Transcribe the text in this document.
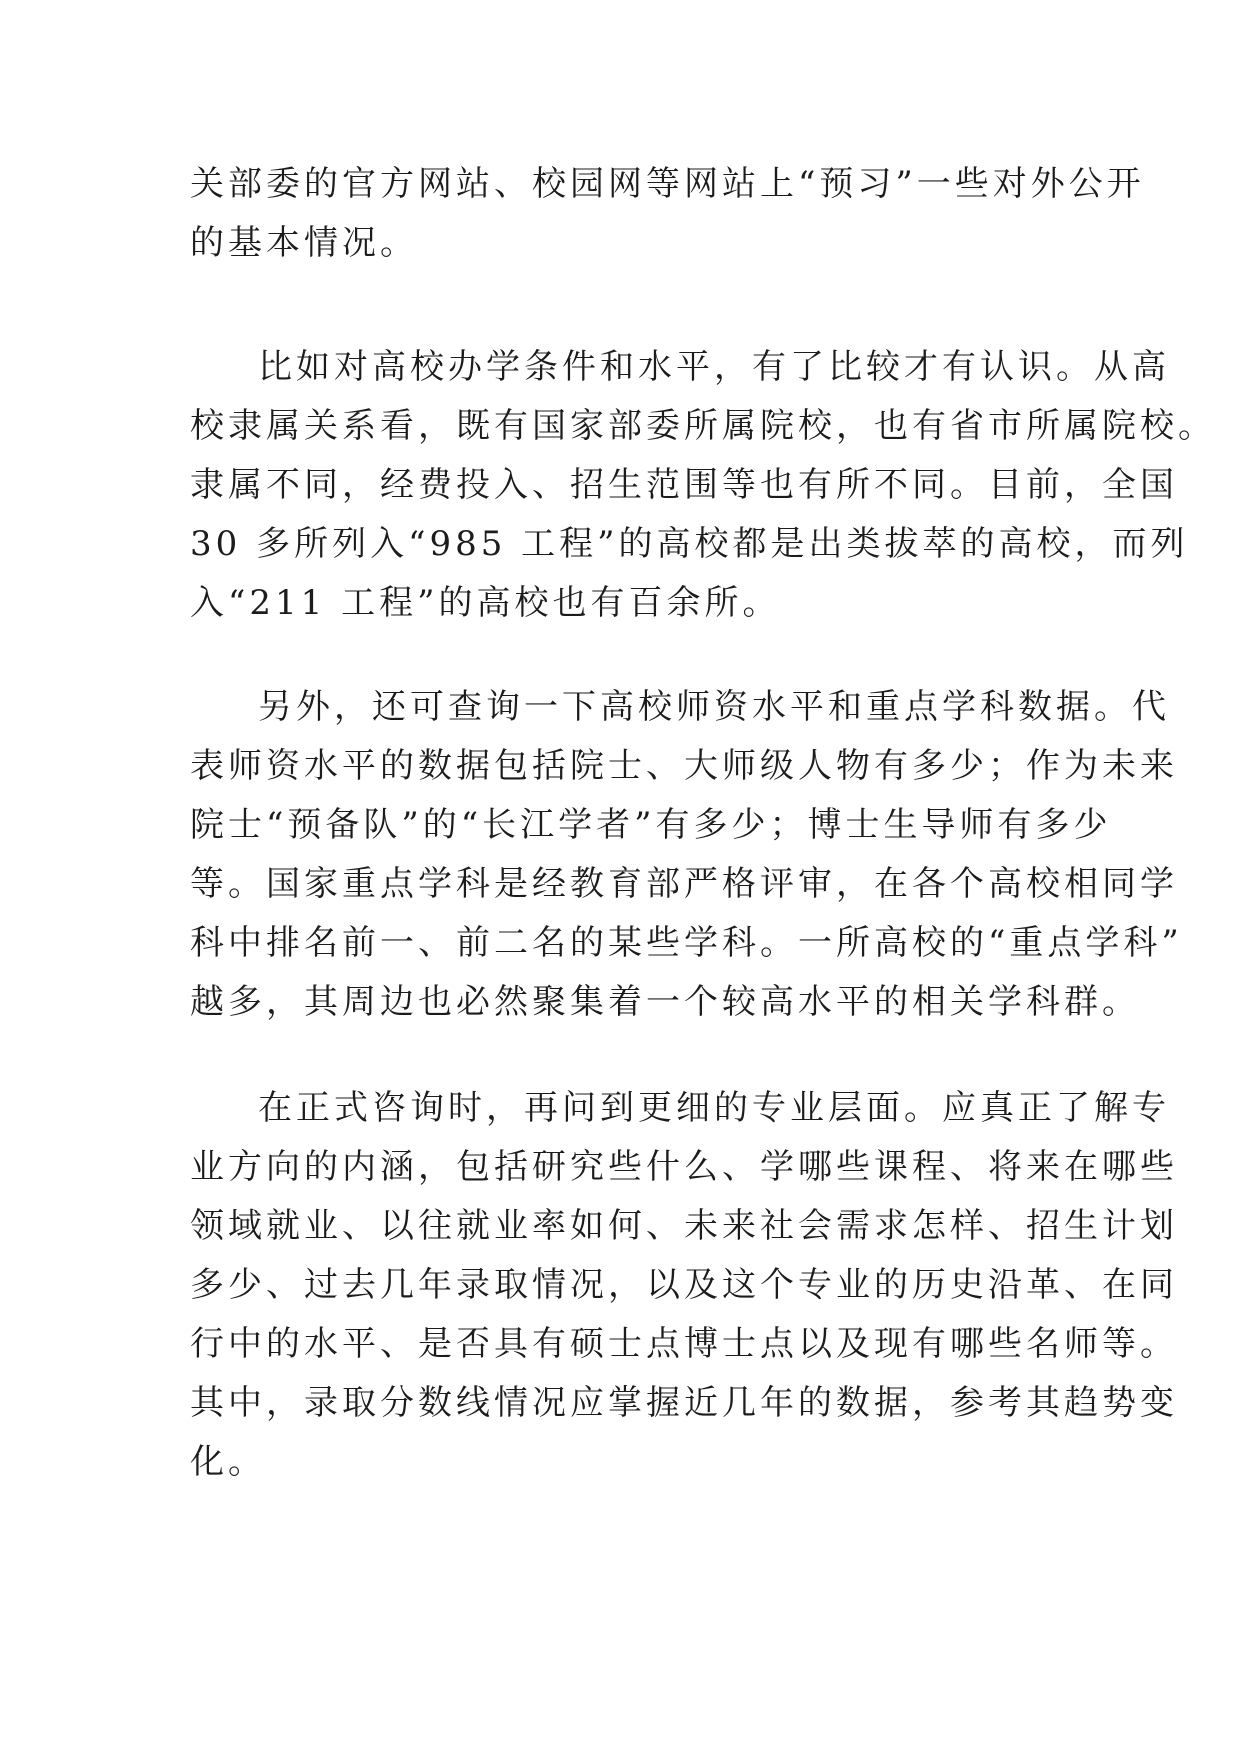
关部委的官方网站、校园网等网站上“预习”一些对外公开
的基本情况。

比如对高校办学条件和水平，有了比较才有认识。从高
校隶属关系看，既有国家部委所属院校，也有省市所属院校。
隶属不同，经费投入、招生范围等也有所不同。目前，全国
30 多所列入“985 工程”的高校都是出类拔萃的高校，而列
入“211 工程”的高校也有百余所。

另外，还可查询一下高校师资水平和重点学科数据。代
表师资水平的数据包括院士、大师级人物有多少；作为未来
院士“预备队”的“长江学者”有多少；博士生导师有多少
等。国家重点学科是经教育部严格评审，在各个高校相同学
科中排名前一、前二名的某些学科。一所高校的“重点学科”
越多，其周边也必然聚集着一个较高水平的相关学科群。

在正式咨询时，再问到更细的专业层面。应真正了解专
业方向的内涵，包括研究些什么、学哪些课程、将来在哪些
领域就业、以往就业率如何、未来社会需求怎样、招生计划
多少、过去几年录取情况，以及这个专业的历史沿革、在同
行中的水平、是否具有硕士点博士点以及现有哪些名师等。
其中，录取分数线情况应掌握近几年的数据，参考其趋势变
化。
